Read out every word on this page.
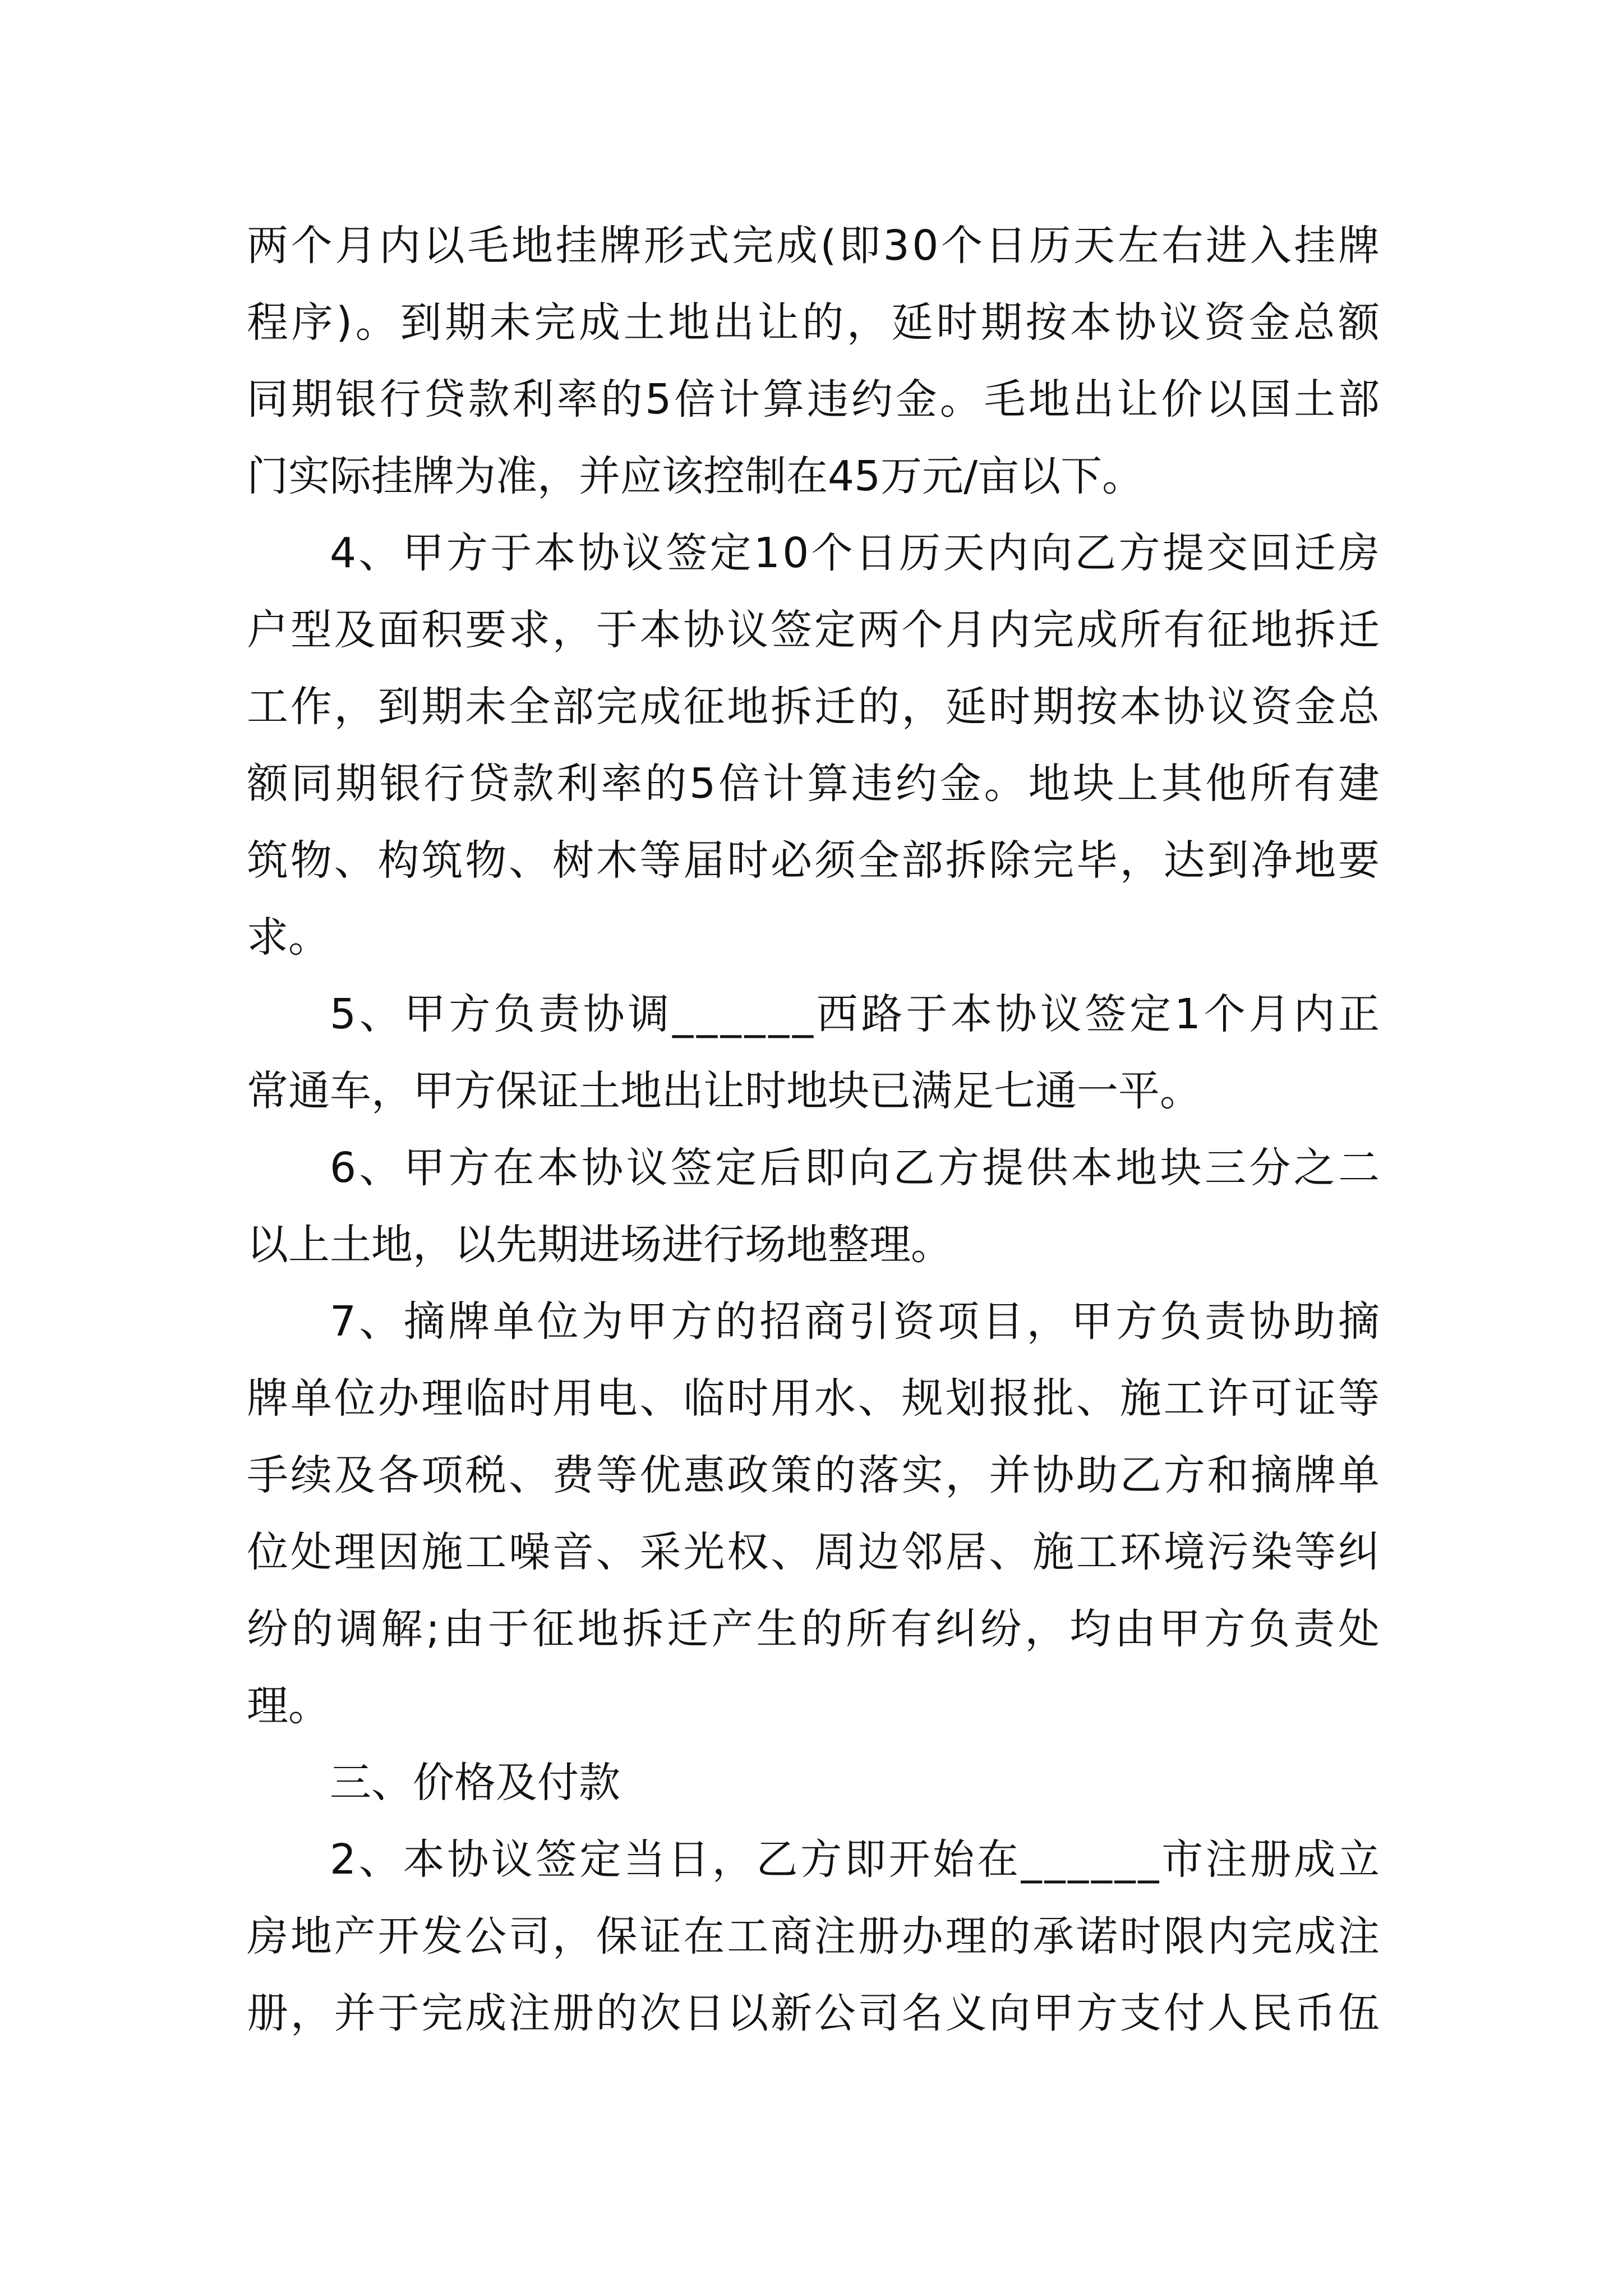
两个月内以毛地挂牌形式完成(即30个日历天左右进入挂牌
程序)。到期未完成土地出让的，延时期按本协议资金总额
同期银行贷款利率的5倍计算违约金。毛地出让价以国土部
门实际挂牌为准，并应该控制在45万元/亩以下。

4、甲方于本协议签定10个日历天内向乙方提交回迁房
户型及面积要求，于本协议签定两个月内完成所有征地拆迁
工作，到期未全部完成征地拆迁的，延时期按本协议资金总
额同期银行贷款利率的5倍计算违约金。地块上其他所有建
筑物、构筑物、树木等届时必须全部拆除完毕，达到净地要
求。

5、甲方负责协调______西路于本协议签定1个月内正
常通车，甲方保证土地出让时地块已满足七通一平。

6、甲方在本协议签定后即向乙方提供本地块三分之二
以上土地，以先期进场进行场地整理。

7、摘牌单位为甲方的招商引资项目，甲方负责协助摘
牌单位办理临时用电、临时用水、规划报批、施工许可证等
手续及各项税、费等优惠政策的落实，并协助乙方和摘牌单
位处理因施工噪音、采光权、周边邻居、施工环境污染等纠
纷的调解;由于征地拆迁产生的所有纠纷，均由甲方负责处
理。

三、价格及付款

2、本协议签定当日，乙方即开始在______市注册成立
房地产开发公司，保证在工商注册办理的承诺时限内完成注
册，并于完成注册的次日以新公司名义向甲方支付人民币伍
